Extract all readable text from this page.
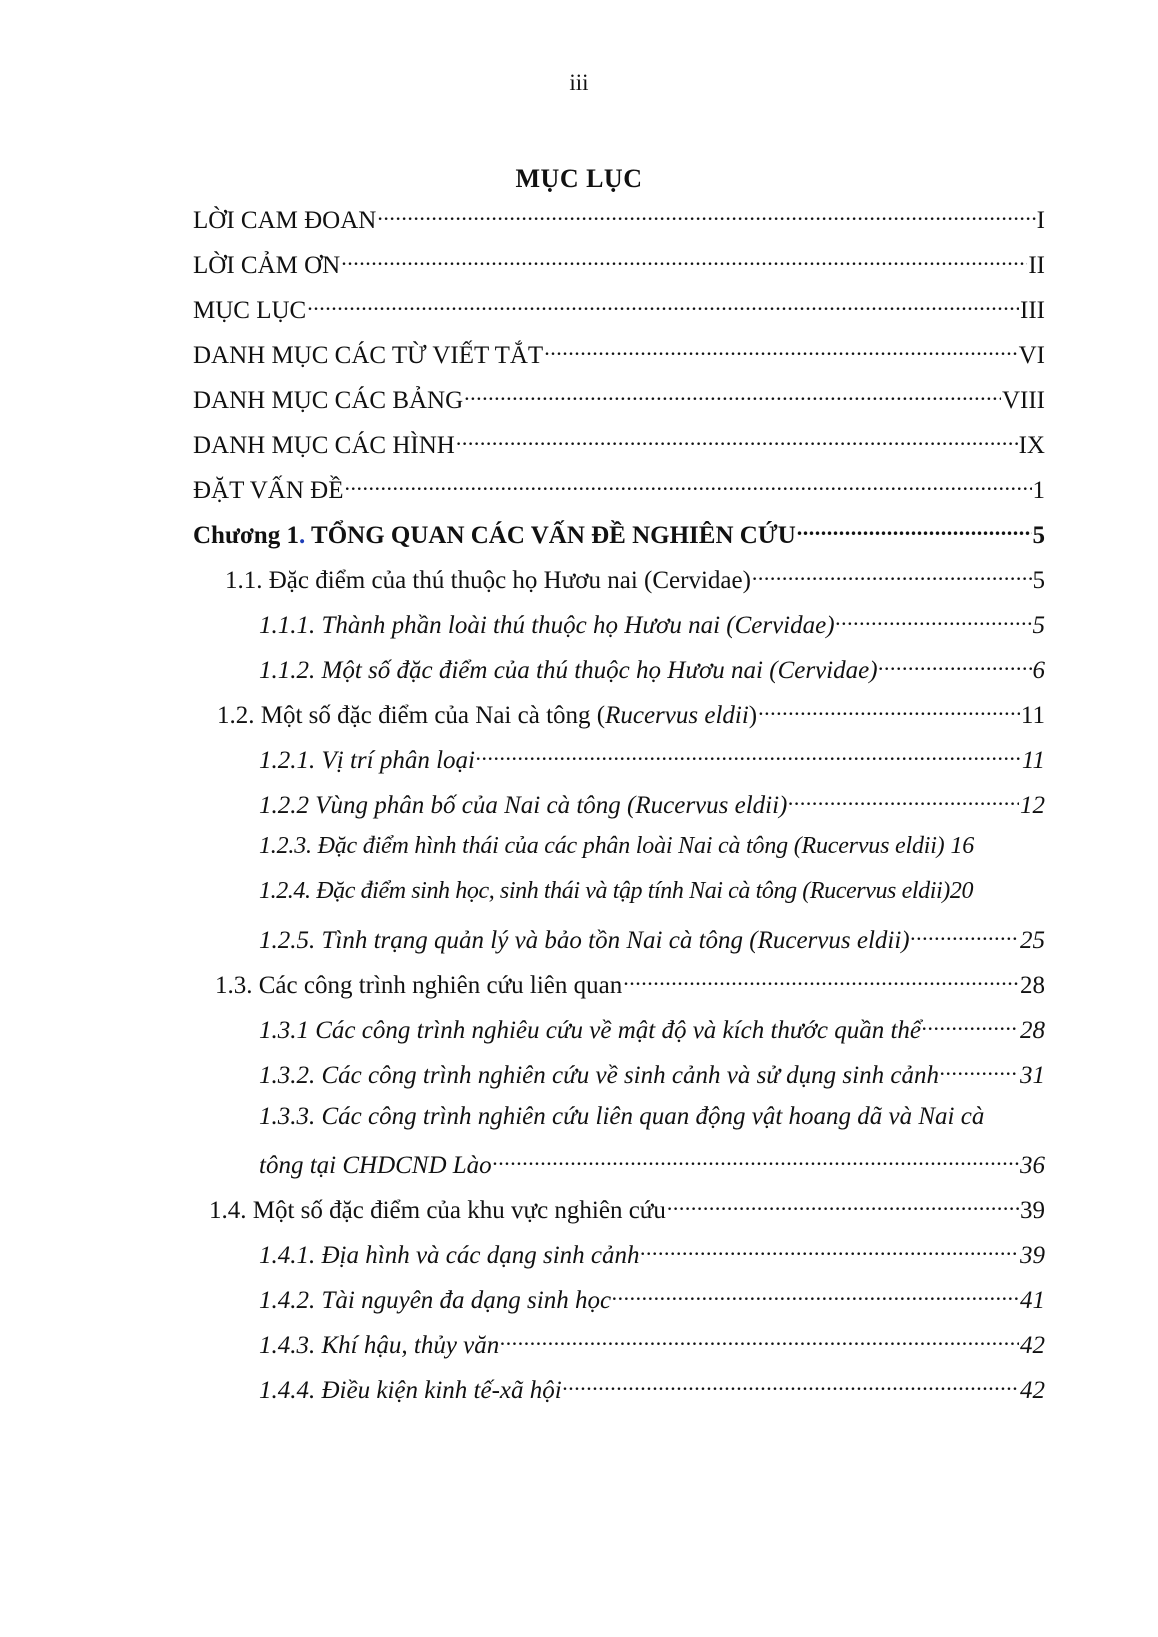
iii
MỤC LỤC
LỜI CAM ĐOAN .....	I
LỜI CẢM ƠN .....	II
MỤC LỤC .....	III
DANH MỤC CÁC TỪ VIẾT TẮT .....	VI
DANH MỤC CÁC BẢNG .....	VIII
DANH MỤC CÁC HÌNH .....	IX
ĐẶT VẤN ĐỀ .....	1
Chương 1. TỔNG QUAN CÁC VẤN ĐỀ NGHIÊN CỨU .....	5
1.1. Đặc điểm của thú thuộc họ Hươu nai (Cervidae) .....	5
1.1.1. Thành phần loài thú thuộc họ Hươu nai (Cervidae) .....	5
1.1.2. Một số đặc điểm của thú thuộc họ Hươu nai (Cervidae) .....	6
1.2. Một số đặc điểm của Nai cà tông (Rucervus eldii) .....	11
1.2.1. Vị trí phân loại .....	11
1.2.2 Vùng phân bố của Nai cà tông (Rucervus eldii) .....	12
1.2.3. Đặc điểm hình thái của các phân loài Nai cà tông (Rucervus eldii) 16
1.2.4. Đặc điểm sinh học, sinh thái và tập tính Nai cà tông (Rucervus eldii) 20
1.2.5. Tình trạng quản lý và bảo tồn Nai cà tông (Rucervus eldii) .....	25
1.3. Các công trình nghiên cứu liên quan .....	28
1.3.1 Các công trình nghiêu cứu về mật độ và kích thước quần thể .....	28
1.3.2. Các công trình nghiên cứu về sinh cảnh và sử dụng sinh cảnh .....	31
1.3.3. Các công trình nghiên cứu liên quan động vật hoang dã và Nai cà
tông tại CHDCND Lào .....	36
1.4. Một số đặc điểm của khu vực nghiên cứu .....	39
1.4.1. Địa hình và các dạng sinh cảnh .....	39
1.4.2. Tài nguyên đa dạng sinh học .....	41
1.4.3. Khí hậu, thủy văn .....	42
1.4.4. Điều kiện kinh tế-xã hội .....	42
